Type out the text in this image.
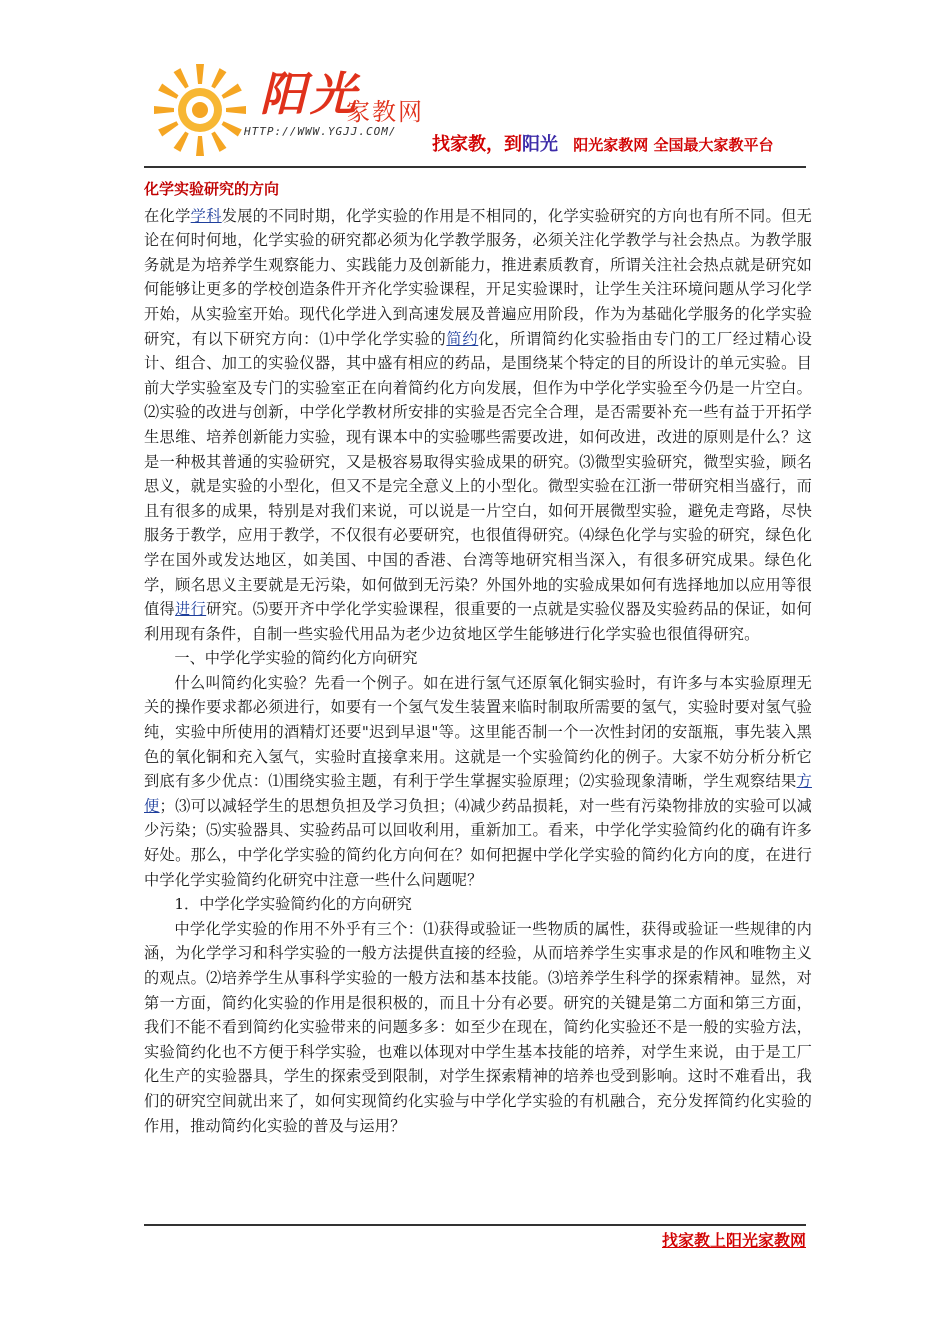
阳光
家教网
HTTP://WWW.YGJJ.COM/
找家教，到阳光 阳光家教网 全国最大家教平台
化学实验研究的方向

在化学学科发展的不同时期，化学实验的作用是不相同的，化学实验研究的方向也有所不同。但无论在何时何地，化学实验的研究都必须为化学教学服务，必须关注化学教学与社会热点。为教学服务就是为培养学生观察能力、实践能力及创新能力，推进素质教育，所谓关注社会热点就是研究如何能够让更多的学校创造条件开齐化学实验课程，开足实验课时，让学生关注环境问题从学习化学开始，从实验室开始。现代化学进入到高速发展及普遍应用阶段，作为为基础化学服务的化学实验研究，有以下研究方向：⑴中学化学实验的简约化，所谓简约化实验指由专门的工厂经过精心设计、组合、加工的实验仪器，其中盛有相应的药品，是围绕某个特定的目的所设计的单元实验。目前大学实验室及专门的实验室正在向着简约化方向发展，但作为中学化学实验至今仍是一片空白。⑵实验的改进与创新，中学化学教材所安排的实验是否完全合理，是否需要补充一些有益于开拓学生思维、培养创新能力实验，现有课本中的实验哪些需要改进，如何改进，改进的原则是什么？这是一种极其普通的实验研究，又是极容易取得实验成果的研究。⑶微型实验研究，微型实验，顾名思义，就是实验的小型化，但又不是完全意义上的小型化。微型实验在江浙一带研究相当盛行，而且有很多的成果，特别是对我们来说，可以说是一片空白，如何开展微型实验，避免走弯路，尽快服务于教学，应用于教学，不仅很有必要研究，也很值得研究。⑷绿色化学与实验的研究，绿色化学在国外或发达地区，如美国、中国的香港、台湾等地研究相当深入，有很多研究成果。绿色化学，顾名思义主要就是无污染，如何做到无污染？外国外地的实验成果如何有选择地加以应用等很值得进行研究。⑸要开齐中学化学实验课程，很重要的一点就是实验仪器及实验药品的保证，如何利用现有条件，自制一些实验代用品为老少边贫地区学生能够进行化学实验也很值得研究。

一、中学化学实验的简约化方向研究

什么叫简约化实验？先看一个例子。如在进行氢气还原氧化铜实验时，有许多与本实验原理无关的操作要求都必须进行，如要有一个氢气发生装置来临时制取所需要的氢气，实验时要对氢气验纯，实验中所使用的酒精灯还要"迟到早退"等。这里能否制一个一次性封闭的安瓿瓶，事先装入黑色的氧化铜和充入氢气，实验时直接拿来用。这就是一个实验简约化的例子。大家不妨分析分析它到底有多少优点：⑴围绕实验主题，有利于学生掌握实验原理；⑵实验现象清晰，学生观察结果方便；⑶可以减轻学生的思想负担及学习负担；⑷减少药品损耗，对一些有污染物排放的实验可以减少污染；⑸实验器具、实验药品可以回收利用，重新加工。看来，中学化学实验简约化的确有许多好处。那么，中学化学实验的简约化方向何在？如何把握中学化学实验的简约化方向的度，在进行中学化学实验简约化研究中注意一些什么问题呢？

1．中学化学实验简约化的方向研究

中学化学实验的作用不外乎有三个：⑴获得或验证一些物质的属性，获得或验证一些规律的内涵，为化学学习和科学实验的一般方法提供直接的经验，从而培养学生实事求是的作风和唯物主义的观点。⑵培养学生从事科学实验的一般方法和基本技能。⑶培养学生科学的探索精神。显然，对第一方面，简约化实验的作用是很积极的，而且十分有必要。研究的关键是第二方面和第三方面，我们不能不看到简约化实验带来的问题多多：如至少在现在，简约化实验还不是一般的实验方法，实验简约化也不方便于科学实验，也难以体现对中学生基本技能的培养，对学生来说，由于是工厂化生产的实验器具，学生的探索受到限制，对学生探索精神的培养也受到影响。这时不难看出，我们的研究空间就出来了，如何实现简约化实验与中学化学实验的有机融合，充分发挥简约化实验的作用，推动简约化实验的普及与运用？

找家教上阳光家教网
